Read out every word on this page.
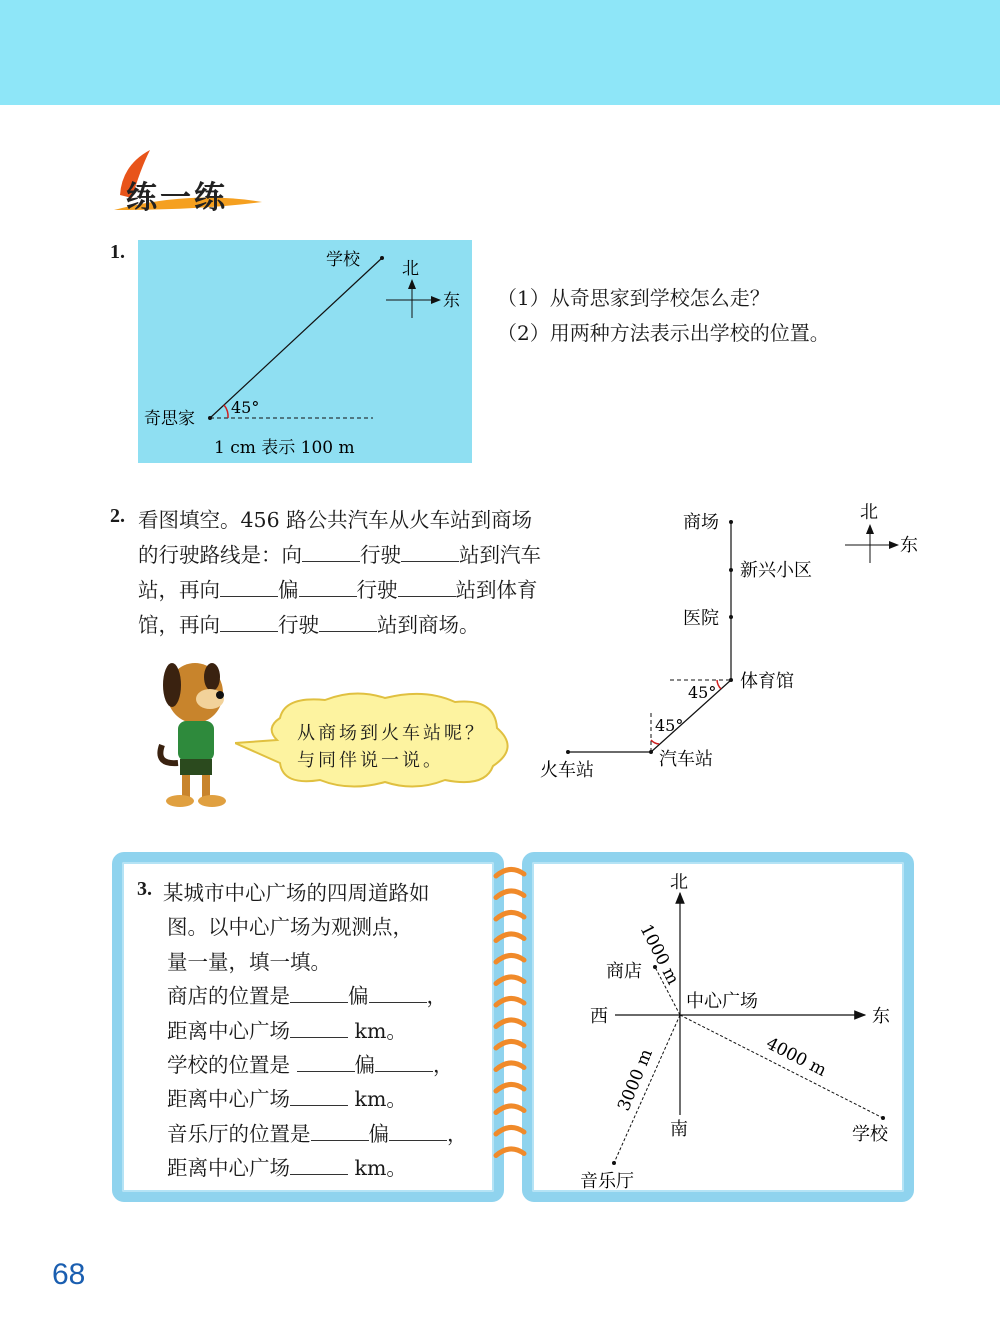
练一练
1.
（1）从奇思家到学校怎么走？
（2）用两种方法表示出学校的位置。
2. 看图填空。456 路公共汽车从火车站到商场
的行驶路线是：向	行驶	站到汽车
站，再向	偏	行驶	站到体育
馆，再向	行驶	站到商场。
从商场到火车站呢？
与同伴说一说。
3. 某城市中心广场的四周道路如
图。以中心广场为观测点，
量一量，填一填。
商店的位置是	偏	，
距离中心广场	km。
学校的位置是	偏	，
距离中心广场	km。
音乐厅的位置是	偏	，
距离中心广场	km。
学校 北
东
奇思家
45°
1 cm 表示 100 m
商场
新兴小区
医院
体育馆
汽车站
火车站
45°
45°
北
东
北
南
西	东
中心广场
商店
学校
音乐厅
1000 m
4000 m
3000 m
68
